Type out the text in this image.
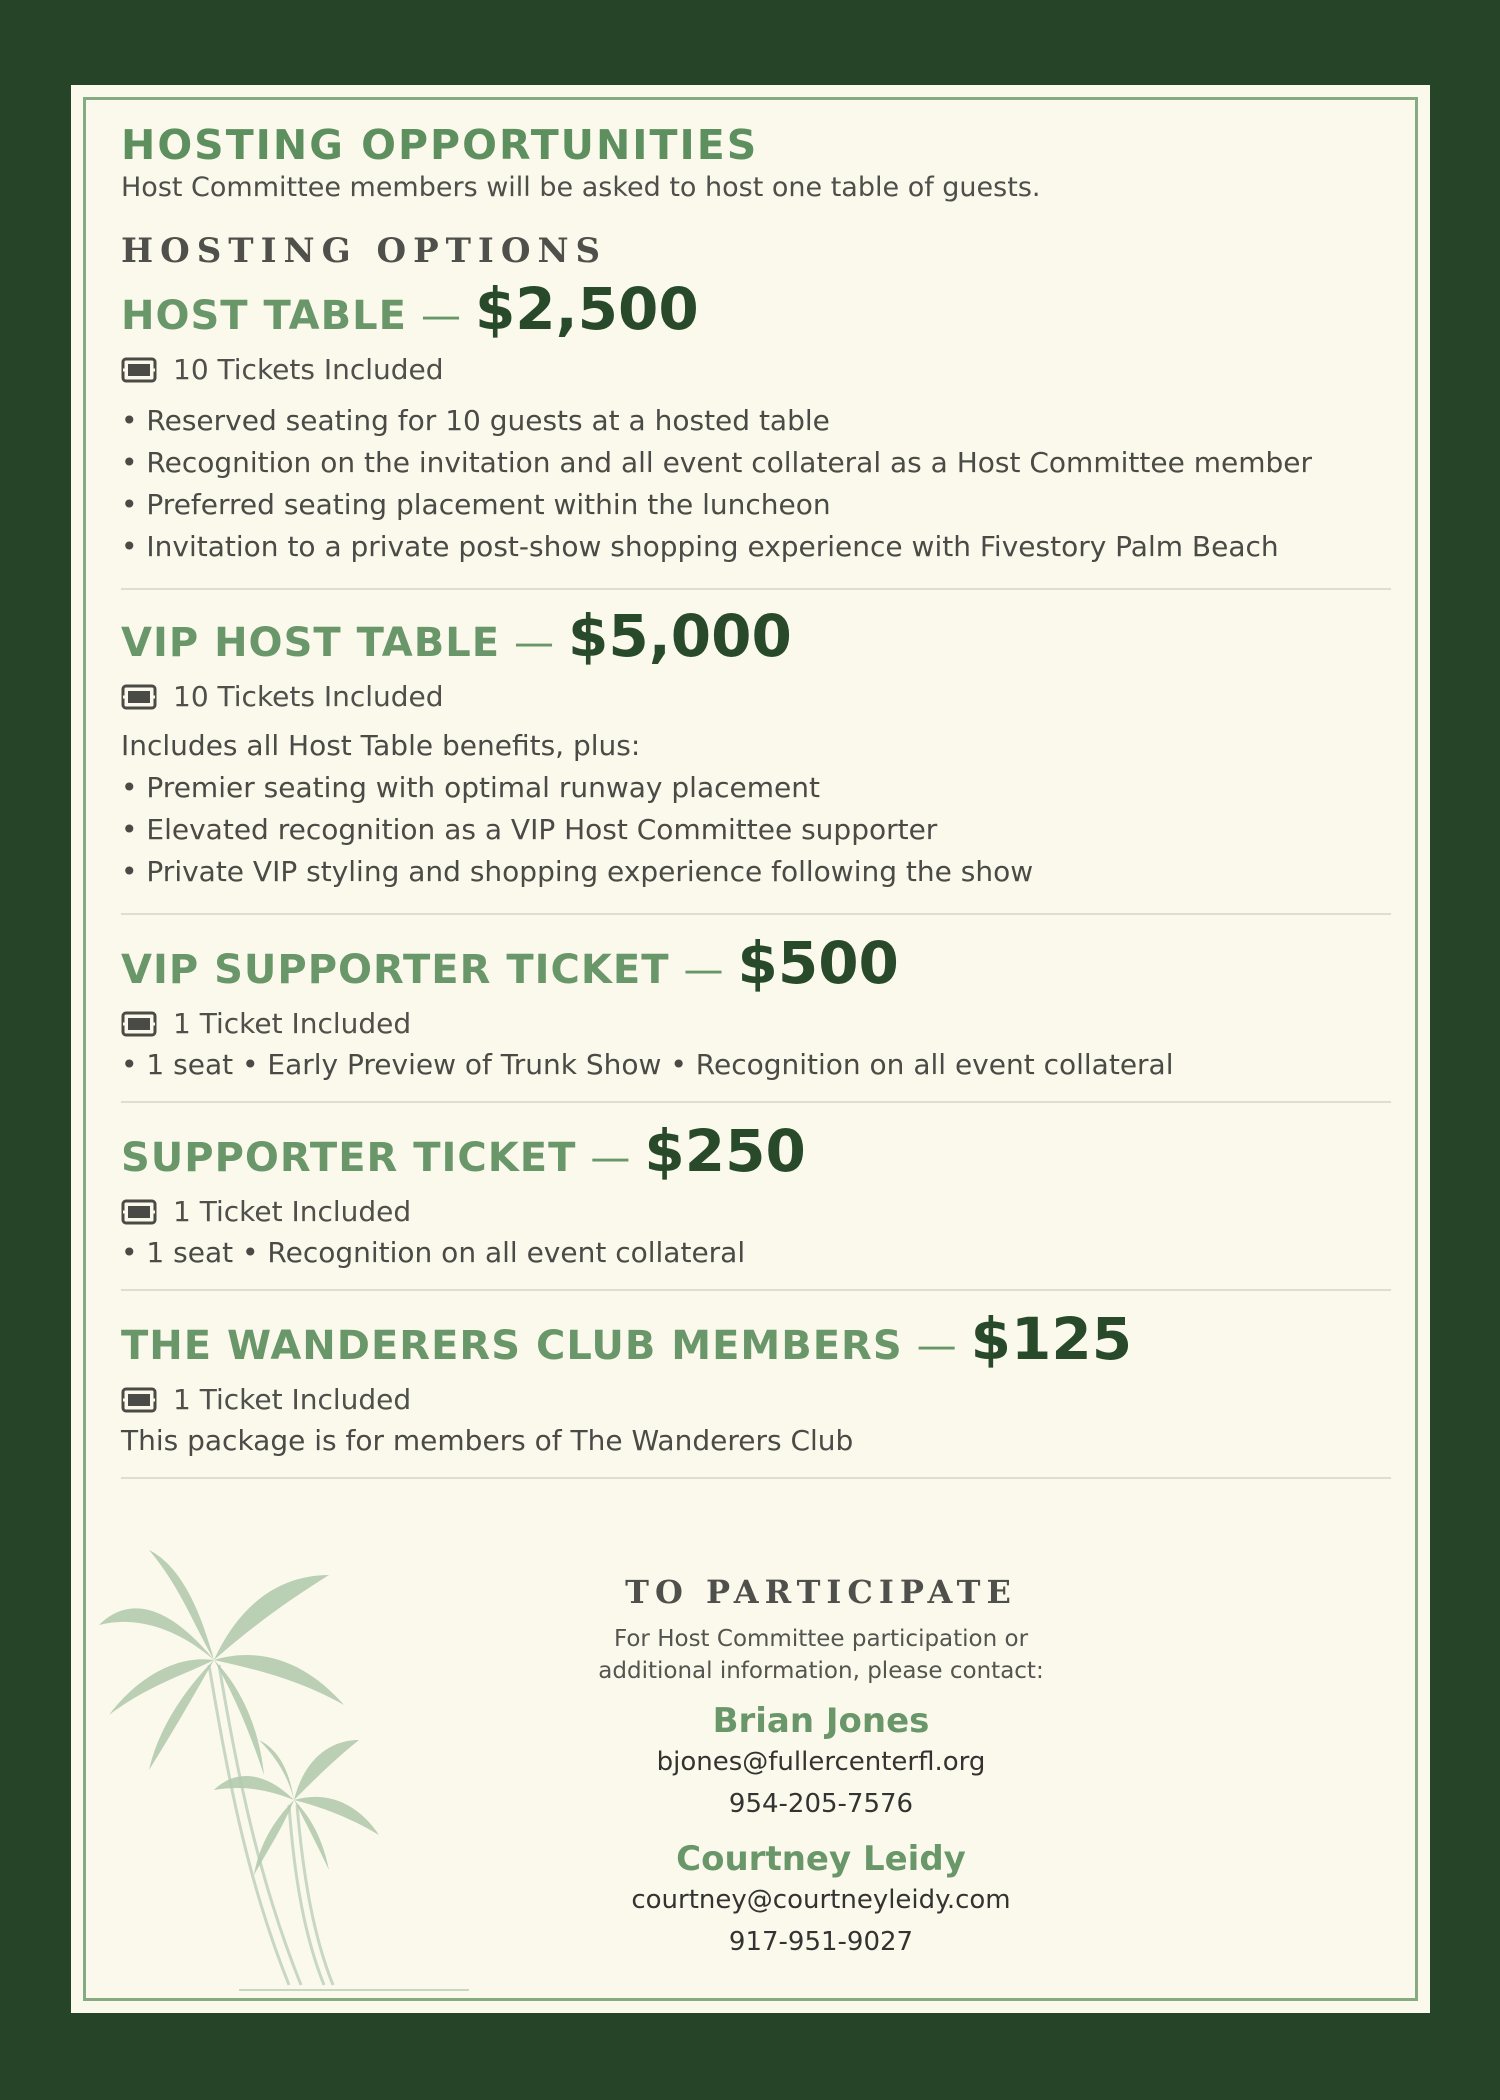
HOSTING OPPORTUNITIES

Host Committee members will be asked to host one table of guests.

HOSTING OPTIONS
HOST TABLE — $2,500
10 Tickets Included
• Reserved seating for 10 guests at a hosted table
• Recognition on the invitation and all event collateral as a Host Committee member
• Preferred seating placement within the luncheon
• Invitation to a private post-show shopping experience with Fivestory Palm Beach
VIP HOST TABLE — $5,000
10 Tickets Included

Includes all Host Table benefits, plus:

• Premier seating with optimal runway placement
• Elevated recognition as a VIP Host Committee supporter
• Private VIP styling and shopping experience following the show
VIP SUPPORTER TICKET — $500
1 Ticket Included

• 1 seat • Early Preview of Trunk Show • Recognition on all event collateral

SUPPORTER TICKET — $250
1 Ticket Included

• 1 seat • Recognition on all event collateral

THE WANDERERS CLUB MEMBERS — $125
1 Ticket Included

This package is for members of The Wanderers Club

TO PARTICIPATE

For Host Committee participation or
additional information, please contact:

Brian Jones

bjones@fullercenterfl.org

954-205-7576

Courtney Leidy

courtney@courtneyleidy.com

917-951-9027
